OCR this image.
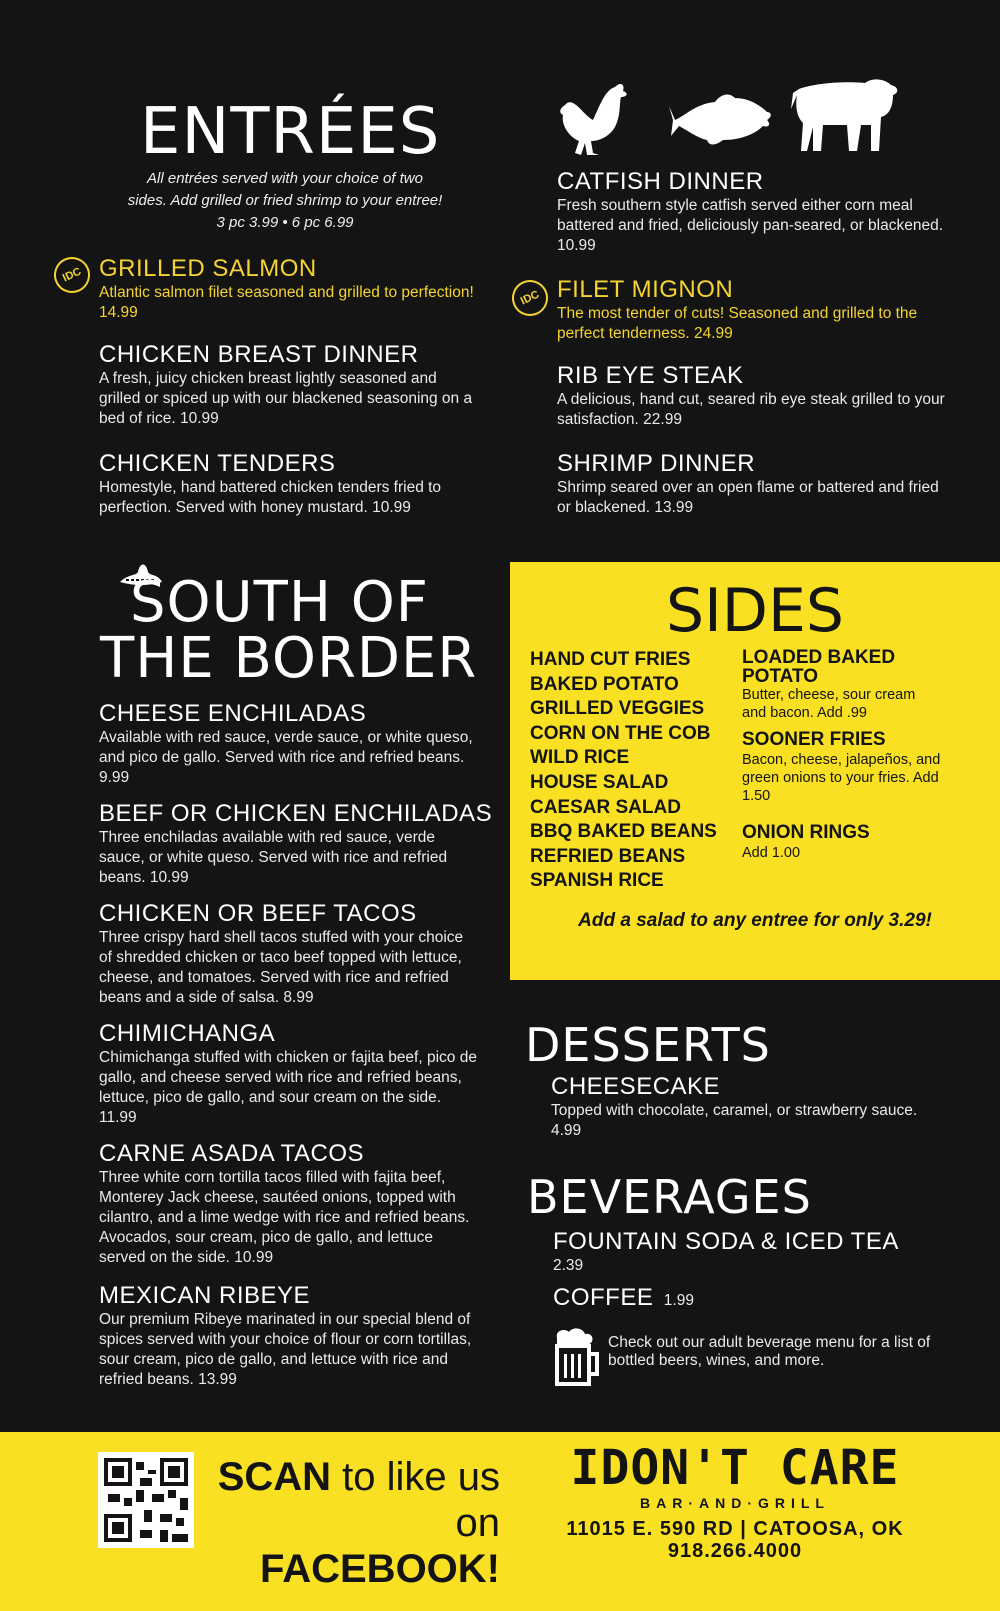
ENTRÉES
All entrées served with your choice of two
sides. Add grilled or fried shrimp to your entree!
3 pc 3.99 • 6 pc 6.99
IDC GRILLED SALMON
Atlantic salmon filet seasoned and grilled to perfection! 14.99
CHICKEN BREAST DINNER
A fresh, juicy chicken breast lightly seasoned and grilled or spiced up with our blackened seasoning on a bed of rice. 10.99
CHICKEN TENDERS
Homestyle, hand battered chicken tenders fried to perfection. Served with honey mustard. 10.99
CATFISH DINNER
Fresh southern style catfish served either corn meal battered and fried, deliciously pan-seared, or blackened. 10.99
IDC FILET MIGNON
The most tender of cuts! Seasoned and grilled to the perfect tenderness. 24.99
RIB EYE STEAK
A delicious, hand cut, seared rib eye steak grilled to your satisfaction. 22.99
SHRIMP DINNER
Shrimp seared over an open flame or battered and fried or blackened. 13.99
SOUTH OF
THE BORDER
CHEESE ENCHILADAS
Available with red sauce, verde sauce, or white queso, and pico de gallo. Served with rice and refried beans. 9.99
BEEF OR CHICKEN ENCHILADAS
Three enchiladas available with red sauce, verde sauce, or white queso. Served with rice and refried beans. 10.99
CHICKEN OR BEEF TACOS
Three crispy hard shell tacos stuffed with your choice of shredded chicken or taco beef topped with lettuce, cheese, and tomatoes. Served with rice and refried beans and a side of salsa. 8.99
CHIMICHANGA
Chimichanga stuffed with chicken or fajita beef, pico de gallo, and cheese served with rice and refried beans, lettuce, pico de gallo, and sour cream on the side. 11.99
CARNE ASADA TACOS
Three white corn tortilla tacos filled with fajita beef, Monterey Jack cheese, sautéed onions, topped with cilantro, and a lime wedge with rice and refried beans. Avocados, sour cream, pico de gallo, and lettuce served on the side. 10.99
MEXICAN RIBEYE
Our premium Ribeye marinated in our special blend of spices served with your choice of flour or corn tortillas, sour cream, pico de gallo, and lettuce with rice and refried beans. 13.99
SIDES
HAND CUT FRIES
BAKED POTATO
GRILLED VEGGIES
CORN ON THE COB
WILD RICE
HOUSE SALAD
CAESAR SALAD
BBQ BAKED BEANS
REFRIED BEANS
SPANISH RICE
LOADED BAKED POTATO
Butter, cheese, sour cream and bacon. Add .99
SOONER FRIES
Bacon, cheese, jalapeños, and green onions to your fries. Add 1.50
ONION RINGS
Add 1.00
Add a salad to any entree for only 3.29!
DESSERTS
CHEESECAKE
Topped with chocolate, caramel, or strawberry sauce. 4.99
BEVERAGES
FOUNTAIN SODA & ICED TEA
2.39
COFFEE 1.99
Check out our adult beverage menu for a list of bottled beers, wines, and more.
SCAN to like us
on FACEBOOK!
IDON'T CARE
BAR·AND·GRILL
11015 E. 590 RD | CATOOSA, OK
918.266.4000
